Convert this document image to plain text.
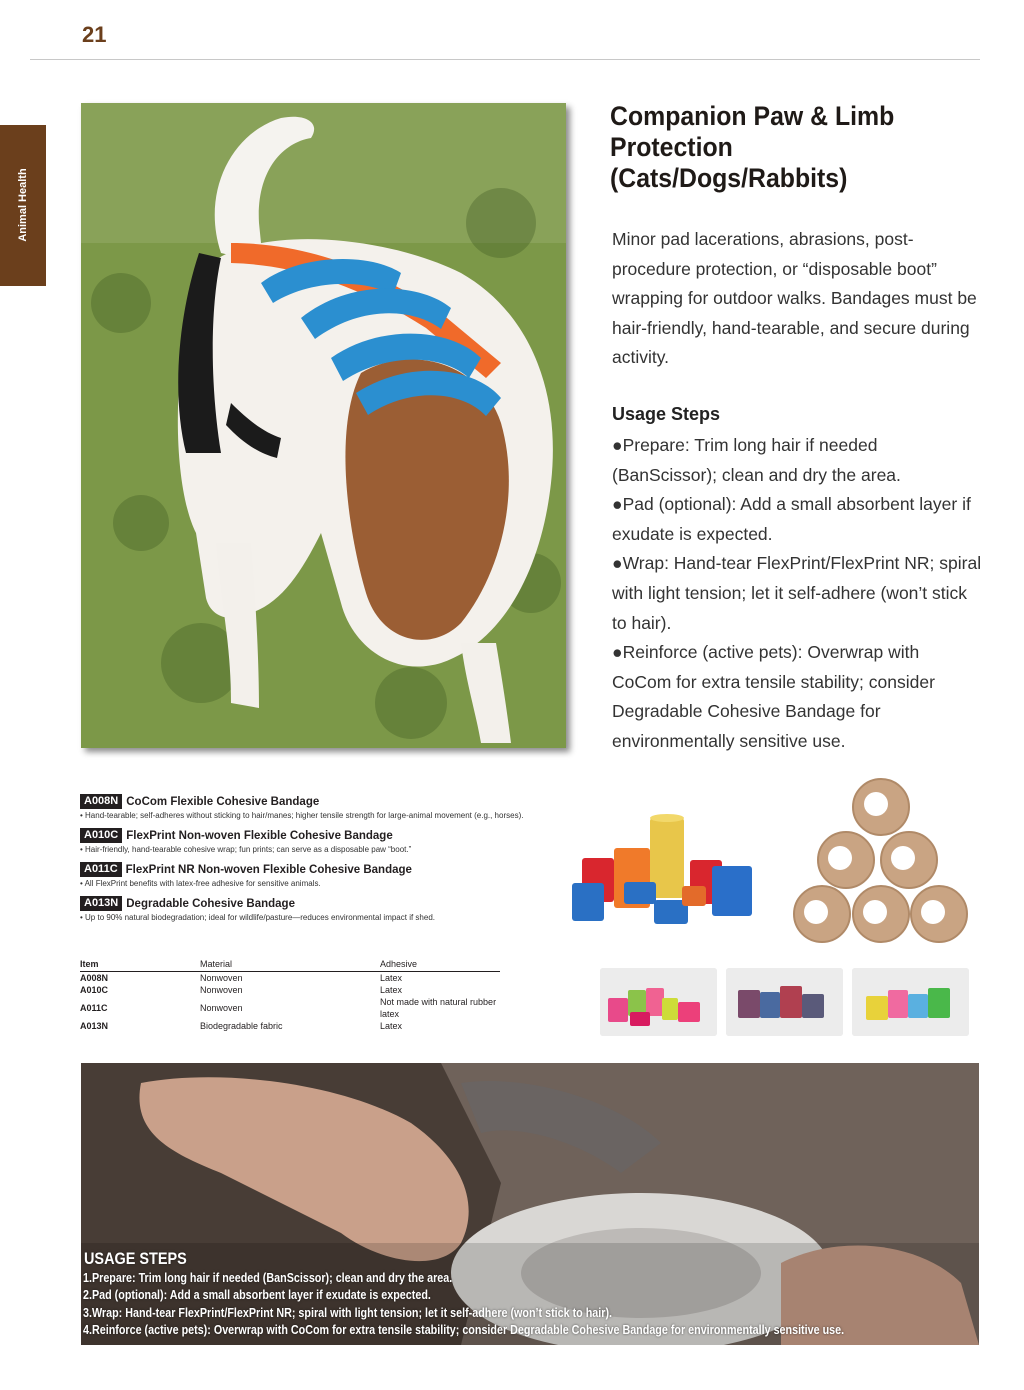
21
Animal Health
Companion Paw & Limb Protection (Cats/Dogs/Rabbits)
Minor pad lacerations, abrasions, post-procedure protection, or “disposable boot” wrapping for outdoor walks. Bandages must be hair-friendly, hand-tearable, and secure during activity.
Usage Steps

●Prepare: Trim long hair if needed (BanScissor); clean and dry the area.

●Pad (optional): Add a small absorbent layer if exudate is expected.

●Wrap: Hand-tear FlexPrint/FlexPrint NR; spiral with light tension; let it self-adhere (won’t stick to hair).

●Reinforce (active pets): Overwrap with CoCom for extra tensile stability; consider Degradable Cohesive Bandage for environmentally sensitive use.

A008N CoCom Flexible Cohesive Bandage
• Hand-tearable; self-adheres without sticking to hair/manes; higher tensile strength for large-animal movement (e.g., horses).
A010C FlexPrint Non-woven Flexible Cohesive Bandage
• Hair-friendly, hand-tearable cohesive wrap; fun prints; can serve as a disposable paw “boot.”
A011C FlexPrint NR Non-woven Flexible Cohesive Bandage
• All FlexPrint benefits with latex-free adhesive for sensitive animals.
A013N Degradable Cohesive Bandage
• Up to 90% natural biodegradation; ideal for wildlife/pasture—reduces environmental impact if shed.
Item	Material	Adhesive
A008N	Nonwoven	Latex
A010C	Nonwoven	Latex
A011C	Nonwoven	Not made with natural rubber latex
A013N	Biodegradable fabric	Latex
USAGE STEPS

1.Prepare: Trim long hair if needed (BanScissor); clean and dry the area.

2.Pad (optional): Add a small absorbent layer if exudate is expected.

3.Wrap: Hand-tear FlexPrint/FlexPrint NR; spiral with light tension; let it self-adhere (won’t stick to hair).

4.Reinforce (active pets): Overwrap with CoCom for extra tensile stability; consider Degradable Cohesive Bandage for environmentally sensitive use.
